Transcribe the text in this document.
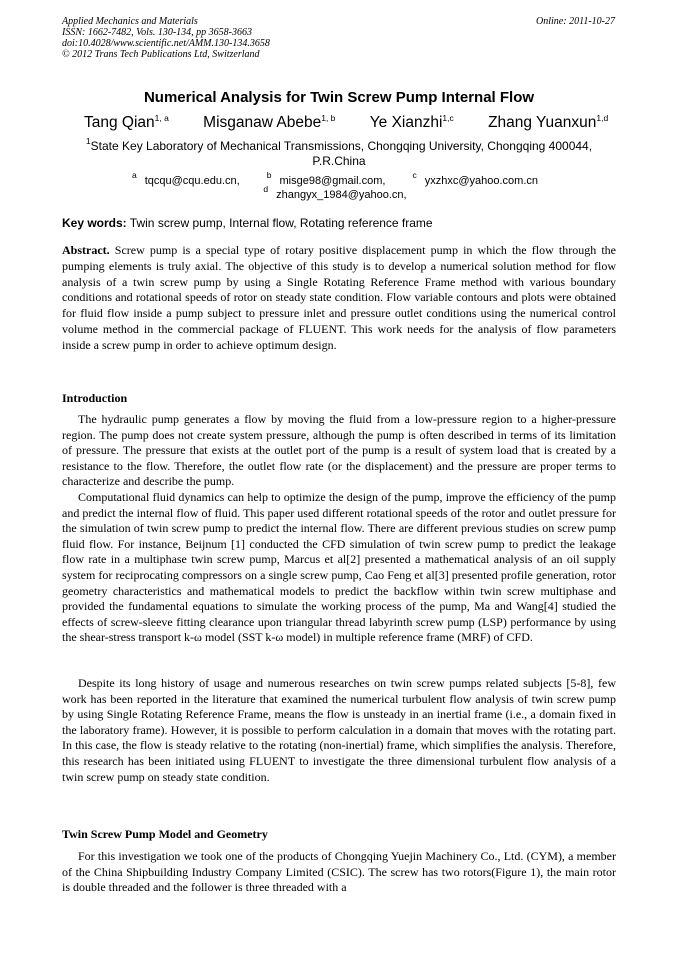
Applied Mechanics and Materials
ISSN: 1662-7482, Vols. 130-134, pp 3658-3663
doi:10.4028/www.scientific.net/AMM.130-134.3658
© 2012 Trans Tech Publications Ltd, Switzerland
Online: 2011-10-27
Numerical Analysis for Twin Screw Pump Internal Flow
Tang Qian$^{1, a}$ Misganaw Abebe$^{1, b}$ Ye Xianzhi$^{1,c}$ Zhang Yuanxun$^{1,d}$
$^1$State Key Laboratory of Mechanical Transmissions, Chongqing University, Chongqing 400044, P.R.China
$^a$ tqcqu@cqu.edu.cn,	$^b$ misge98@gmail.com,	$^c$ yxzhxc@yahoo.com.cn
$^d$ zhangyx_1984@yahoo.cn,
Key words: Twin screw pump, Internal flow, Rotating reference frame
Abstract. Screw pump is a special type of rotary positive displacement pump in which the flow through the pumping elements is truly axial. The objective of this study is to develop a numerical solution method for flow analysis of a twin screw pump by using a Single Rotating Reference Frame method with various boundary conditions and rotational speeds of rotor on steady state condition. Flow variable contours and plots were obtained for fluid flow inside a pump subject to pressure inlet and pressure outlet conditions using the numerical control volume method in the commercial package of FLUENT. This work needs for the analysis of flow parameters inside a screw pump in order to achieve optimum design.
Introduction
The hydraulic pump generates a flow by moving the fluid from a low-pressure region to a higher-pressure region. The pump does not create system pressure, although the pump is often described in terms of its limitation of pressure. The pressure that exists at the outlet port of the pump is a result of system load that is created by a resistance to the flow. Therefore, the outlet flow rate (or the displacement) and the pressure are proper terms to characterize and describe the pump.
Computational fluid dynamics can help to optimize the design of the pump, improve the efficiency of the pump and predict the internal flow of fluid. This paper used different rotational speeds of the rotor and outlet pressure for the simulation of twin screw pump to predict the internal flow. There are different previous studies on screw pump fluid flow. For instance, Beijnum [1] conducted the CFD simulation of twin screw pump to predict the leakage flow rate in a multiphase twin screw pump, Marcus et al[2] presented a mathematical analysis of an oil supply system for reciprocating compressors on a single screw pump, Cao Feng et al[3] presented profile generation, rotor geometry characteristics and mathematical models to predict the backflow within twin screw multiphase and provided the fundamental equations to simulate the working process of the pump, Ma and Wang[4] studied the effects of screw-sleeve fitting clearance upon triangular thread labyrinth screw pump (LSP) performance by using the shear-stress transport k-ω model (SST k-ω model) in multiple reference frame (MRF) of CFD.
Despite its long history of usage and numerous researches on twin screw pumps related subjects [5-8], few work has been reported in the literature that examined the numerical turbulent flow analysis of twin screw pump by using Single Rotating Reference Frame, means the flow is unsteady in an inertial frame (i.e., a domain fixed in the laboratory frame). However, it is possible to perform calculation in a domain that moves with the rotating part. In this case, the flow is steady relative to the rotating (non-inertial) frame, which simplifies the analysis. Therefore, this research has been initiated using FLUENT to investigate the three dimensional turbulent flow analysis of a twin screw pump on steady state condition.
Twin Screw Pump Model and Geometry
For this investigation we took one of the products of Chongqing Yuejin Machinery Co., Ltd. (CYM), a member of the China Shipbuilding Industry Company Limited (CSIC). The screw has two rotors(Figure 1), the main rotor is double threaded and the follower is three threaded with a
